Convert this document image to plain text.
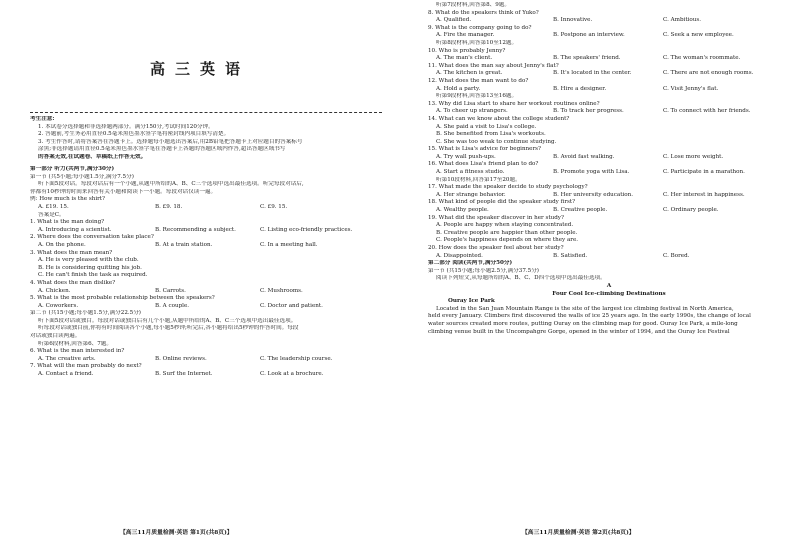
高三英语
考生注意:
1. 本试卷分选择题和非选择题两部分。满分150分,考试时间120分钟。
2. 答题前,考生务必用直径0.5毫米黑色墨水签字笔将密封线内项目填写清楚。
3. 考生作答时,请将答案答在答题卡上。选择题每小题选出答案后,用2B铅笔把答题卡上对应题目的答案标号
涂黑;非选择题请用直径0.5毫米黑色墨水签字笔在答题卡上各题的答题区域内作答,超出答题区域书写
的答案无效,在试题卷、草稿纸上作答无效。
第一部分 听力(共两节,满分30分)
第一节 (共5小题;每小题1.5分,满分7.5分)
听下面5段对话。每段对话后有一个小题,从题中所给的A、B、C三个选项中选出最佳选项。听完每段对话后,
你都有10秒钟的时间来回答有关小题和阅读下一小题。每段对话仅读一遍。
例: How much is the shirt?
A. £19. 15.	B. £9. 18.	C. £9. 15.
答案是C。
1. What is the man doing?
A. Introducing a scientist.	B. Recommending a subject.	C. Listing eco-friendly practices.
2. Where does the conversation take place?
A. On the phone.	B. At a train station.	C. In a meeting hall.
3. What does the man mean?
A. He is very pleased with the club.
B. He is considering quitting his job.
C. He can't finish the task as required.
4. What does the man dislike?
A. Chicken.	B. Carrots.	C. Mushrooms.
5. What is the most probable relationship between the speakers?
A. Coworkers.	B. A couple.	C. Doctor and patient.
第二节 (共15小题;每小题1.5分,满分22.5分)
听下面5段对话或独白。每段对话或独白后有几个小题,从题中所给的A、B、C三个选项中选出最佳选项。
听每段对话或独白前,你将有时间阅读各个小题,每小题5秒钟;听完后,各小题将给出5秒钟的作答时间。每段
对话或独白读两遍。
听第6段材料,回答第6、7题。
6. What is the man interested in?
A. The creative arts.	B. Online reviews.	C. The leadership course.
7. What will the man probably do next?
A. Contact a friend.	B. Surf the Internet.	C. Look at a brochure.
【高三11月质量检测·英语 第1页(共8页)】
听第7段材料,回答第8、9题。
8. What do the speakers think of Yuko?
A. Qualified.	B. Innovative.	C. Ambitious.
9. What is the company going to do?
A. Fire the manager.	B. Postpone an interview.	C. Seek a new employee.
听第8段材料,回答第10至12题。
10. Who is probably Jenny?
A. The man's client.	B. The speakers' friend.	C. The woman's roommate.
11. What does the man say about Jenny's flat?
A. The kitchen is great.	B. It's located in the center.	C. There are not enough rooms.
12. What does the man want to do?
A. Hold a party.	B. Hire a designer.	C. Visit Jenny's flat.
听第9段材料,回答第13至16题。
13. Why did Lisa start to share her workout routines online?
A. To cheer up strangers.	B. To track her progress.	C. To connect with her friends.
14. What can we know about the college student?
A. She paid a visit to Lisa's college.
B. She benefited from Lisa's workouts.
C. She was too weak to continue studying.
15. What is Lisa's advice for beginners?
A. Try wall push-ups.	B. Avoid fast walking.	C. Lose more weight.
16. What does Lisa's friend plan to do?
A. Start a fitness studio.	B. Promote yoga with Lisa.	C. Participate in a marathon.
听第10段材料,回答第17至20题。
17. What made the speaker decide to study psychology?
A. Her strange behavior.	B. Her university education.	C. Her interest in happiness.
18. What kind of people did the speaker study first?
A. Wealthy people.	B. Creative people.	C. Ordinary people.
19. What did the speaker discover in her study?
A. People are happy when staying concentrated.
B. Creative people are happier than other people.
C. People's happiness depends on where they are.
20. How does the speaker feel about her study?
A. Disappointed.	B. Satisfied.	C. Bored.
第二部分 阅读(共两节,满分50分)
第一节 (共15小题;每小题2.5分,满分37.5分)
阅读下列短文,从每题所给的A、B、C、D四个选项中选出最佳选项。
A
Four Cool Ice-climbing Destinations
Ouray Ice Park
Located in the San Juan Mountain Range is the site of the largest ice climbing festival in North America,
held every January. Climbers first discovered the walls of ice 25 years ago. In the early 1990s, the change of local
water sources created more routes, putting Ouray on the climbing map for good. Ouray Ice Park, a mile-long
climbing venue built in the Uncompahgre Gorge, opened in the winter of 1994, and the Ouray Ice Festival
【高三11月质量检测·英语 第2页(共8页)】
